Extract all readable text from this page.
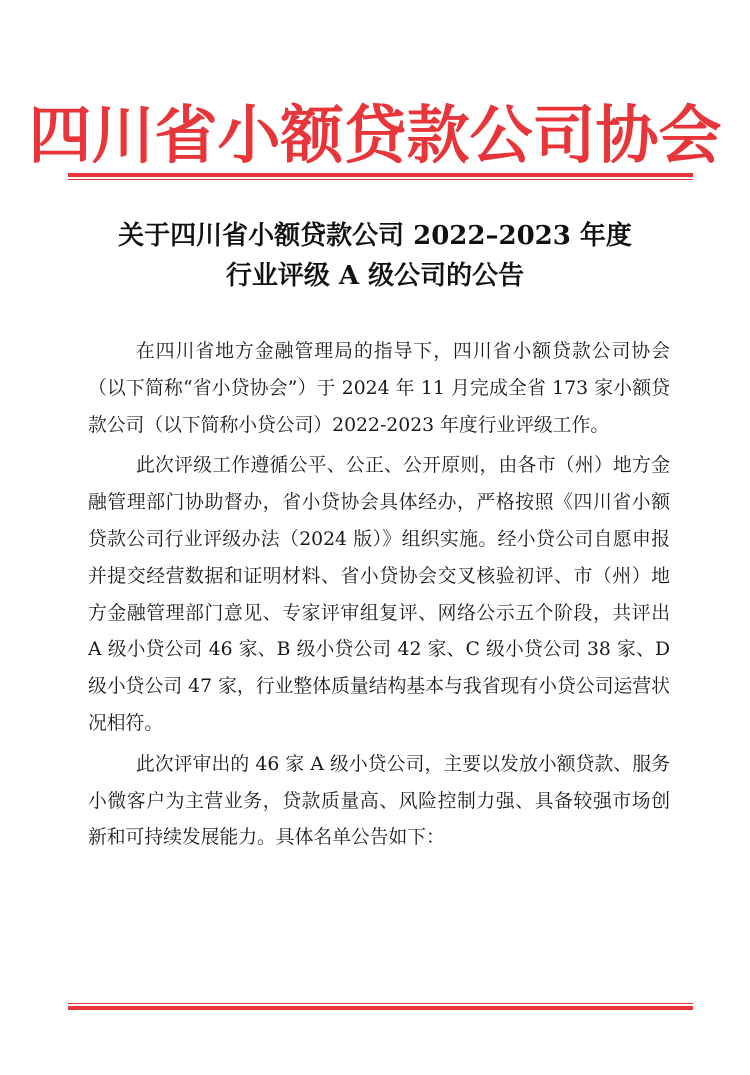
四川省小额贷款公司协会
关于四川省小额贷款公司 2022–2023 年度
行业评级 A 级公司的公告

在四川省地方金融管理局的指导下，四川省小额贷款公司协会（以下简称“省小贷协会”）于 2024 年 11 月完成全省 173 家小额贷款公司（以下简称小贷公司）2022-2023 年度行业评级工作。

此次评级工作遵循公平、公正、公开原则，由各市（州）地方金融管理部门协助督办，省小贷协会具体经办，严格按照《四川省小额贷款公司行业评级办法（2024 版）》组织实施。经小贷公司自愿申报并提交经营数据和证明材料、省小贷协会交叉核验初评、市（州）地方金融管理部门意见、专家评审组复评、网络公示五个阶段，共评出 A 级小贷公司 46 家、B 级小贷公司 42 家、C 级小贷公司 38 家、D 级小贷公司 47 家，行业整体质量结构基本与我省现有小贷公司运营状况相符。

此次评审出的 46 家 A 级小贷公司，主要以发放小额贷款、服务小微客户为主营业务，贷款质量高、风险控制力强、具备较强市场创新和可持续发展能力。具体名单公告如下：
